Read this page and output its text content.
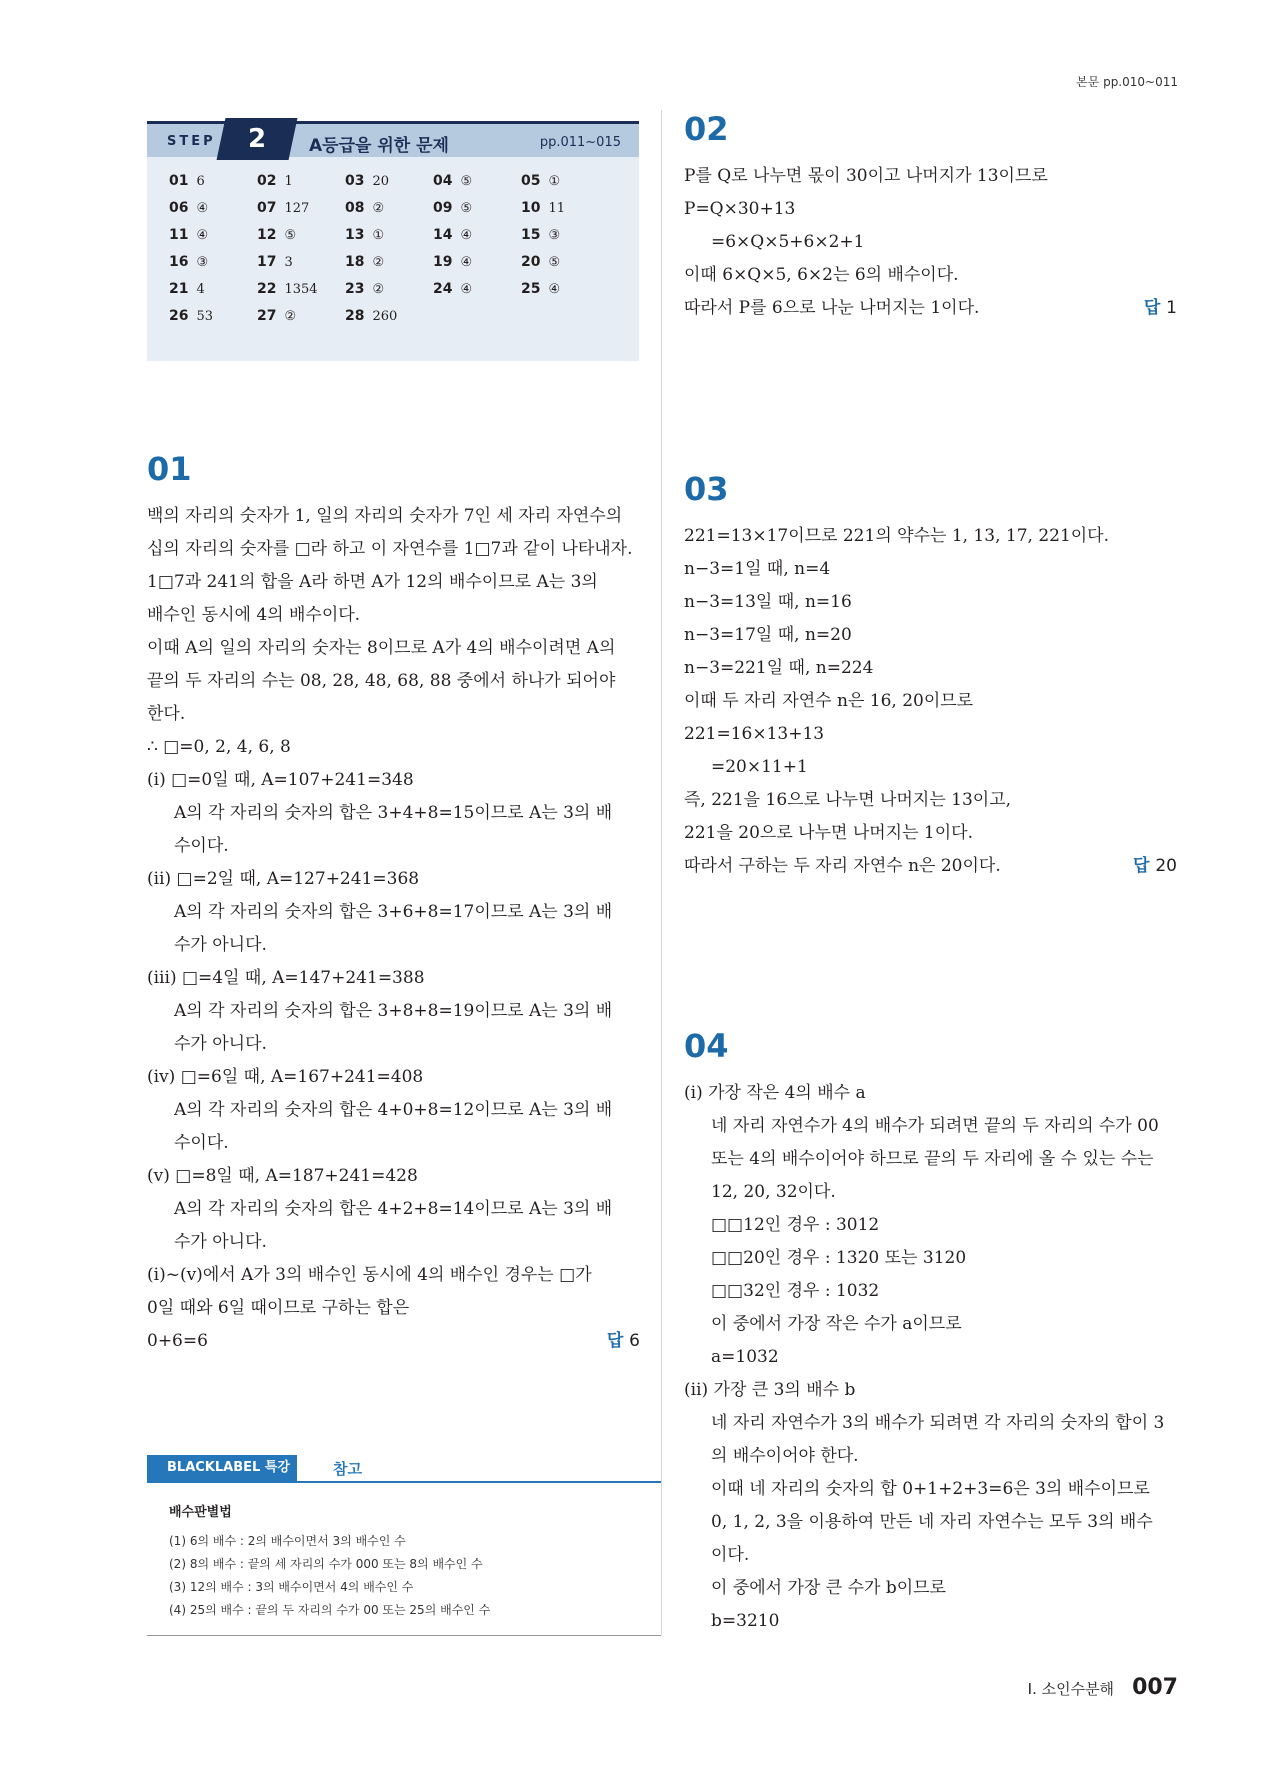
본문 pp.010~011
STEP	2	A등급을 위한 문제	pp.011~015
01 6	02 1	03 20	04 ⑤	05 ①
06 ④	07 127	08 ②	09 ⑤	10 11
11 ④	12 ⑤	13 ①	14 ④	15 ③
16 ③	17 3	18 ②	19 ④	20 ⑤
21 4	22 1354	23 ②	24 ④	25 ④
26 53	27 ②	28 260
01
백의 자리의 숫자가 1, 일의 자리의 숫자가 7인 세 자리 자연수의
십의 자리의 숫자를 □라 하고 이 자연수를 1□7과 같이 나타내자.
1□7과 241의 합을 A라 하면 A가 12의 배수이므로 A는 3의
배수인 동시에 4의 배수이다.
이때 A의 일의 자리의 숫자는 8이므로 A가 4의 배수이려면 A의
끝의 두 자리의 수는 08, 28, 48, 68, 88 중에서 하나가 되어야
한다.
∴ □=0, 2, 4, 6, 8
(ⅰ) □=0일 때, A=107+241=348
A의 각 자리의 숫자의 합은 3+4+8=15이므로 A는 3의 배
수이다.
(ⅱ) □=2일 때, A=127+241=368
A의 각 자리의 숫자의 합은 3+6+8=17이므로 A는 3의 배
수가 아니다.
(ⅲ) □=4일 때, A=147+241=388
A의 각 자리의 숫자의 합은 3+8+8=19이므로 A는 3의 배
수가 아니다.
(ⅳ) □=6일 때, A=167+241=408
A의 각 자리의 숫자의 합은 4+0+8=12이므로 A는 3의 배
수이다.
(ⅴ) □=8일 때, A=187+241=428
A의 각 자리의 숫자의 합은 4+2+8=14이므로 A는 3의 배
수가 아니다.
(ⅰ)~(ⅴ)에서 A가 3의 배수인 동시에 4의 배수인 경우는 □가
0일 때와 6일 때이므로 구하는 합은
0+6=6	답 6
02
P를 Q로 나누면 몫이 30이고 나머지가 13이므로
P=Q×30+13
=6×Q×5+6×2+1
이때 6×Q×5, 6×2는 6의 배수이다.
따라서 P를 6으로 나눈 나머지는 1이다.	답 1
03
221=13×17이므로 221의 약수는 1, 13, 17, 221이다.
n−3=1일 때, n=4
n−3=13일 때, n=16
n−3=17일 때, n=20
n−3=221일 때, n=224
이때 두 자리 자연수 n은 16, 20이므로
221=16×13+13
=20×11+1
즉, 221을 16으로 나누면 나머지는 13이고,
221을 20으로 나누면 나머지는 1이다.
따라서 구하는 두 자리 자연수 n은 20이다.	답 20
04
(ⅰ) 가장 작은 4의 배수 a
네 자리 자연수가 4의 배수가 되려면 끝의 두 자리의 수가 00
또는 4의 배수이어야 하므로 끝의 두 자리에 올 수 있는 수는
12, 20, 32이다.
□□12인 경우 : 3012
□□20인 경우 : 1320 또는 3120
□□32인 경우 : 1032
이 중에서 가장 작은 수가 a이므로
a=1032
(ⅱ) 가장 큰 3의 배수 b
네 자리 자연수가 3의 배수가 되려면 각 자리의 숫자의 합이 3
의 배수이어야 한다.
이때 네 자리의 숫자의 합 0+1+2+3=6은 3의 배수이므로
0, 1, 2, 3을 이용하여 만든 네 자리 자연수는 모두 3의 배수
이다.
이 중에서 가장 큰 수가 b이므로
b=3210
BLACKLABEL 특강	참고
배수판별법
(1) 6의 배수 : 2의 배수이면서 3의 배수인 수
(2) 8의 배수 : 끝의 세 자리의 수가 000 또는 8의 배수인 수
(3) 12의 배수 : 3의 배수이면서 4의 배수인 수
(4) 25의 배수 : 끝의 두 자리의 수가 00 또는 25의 배수인 수
Ⅰ. 소인수분해 007
